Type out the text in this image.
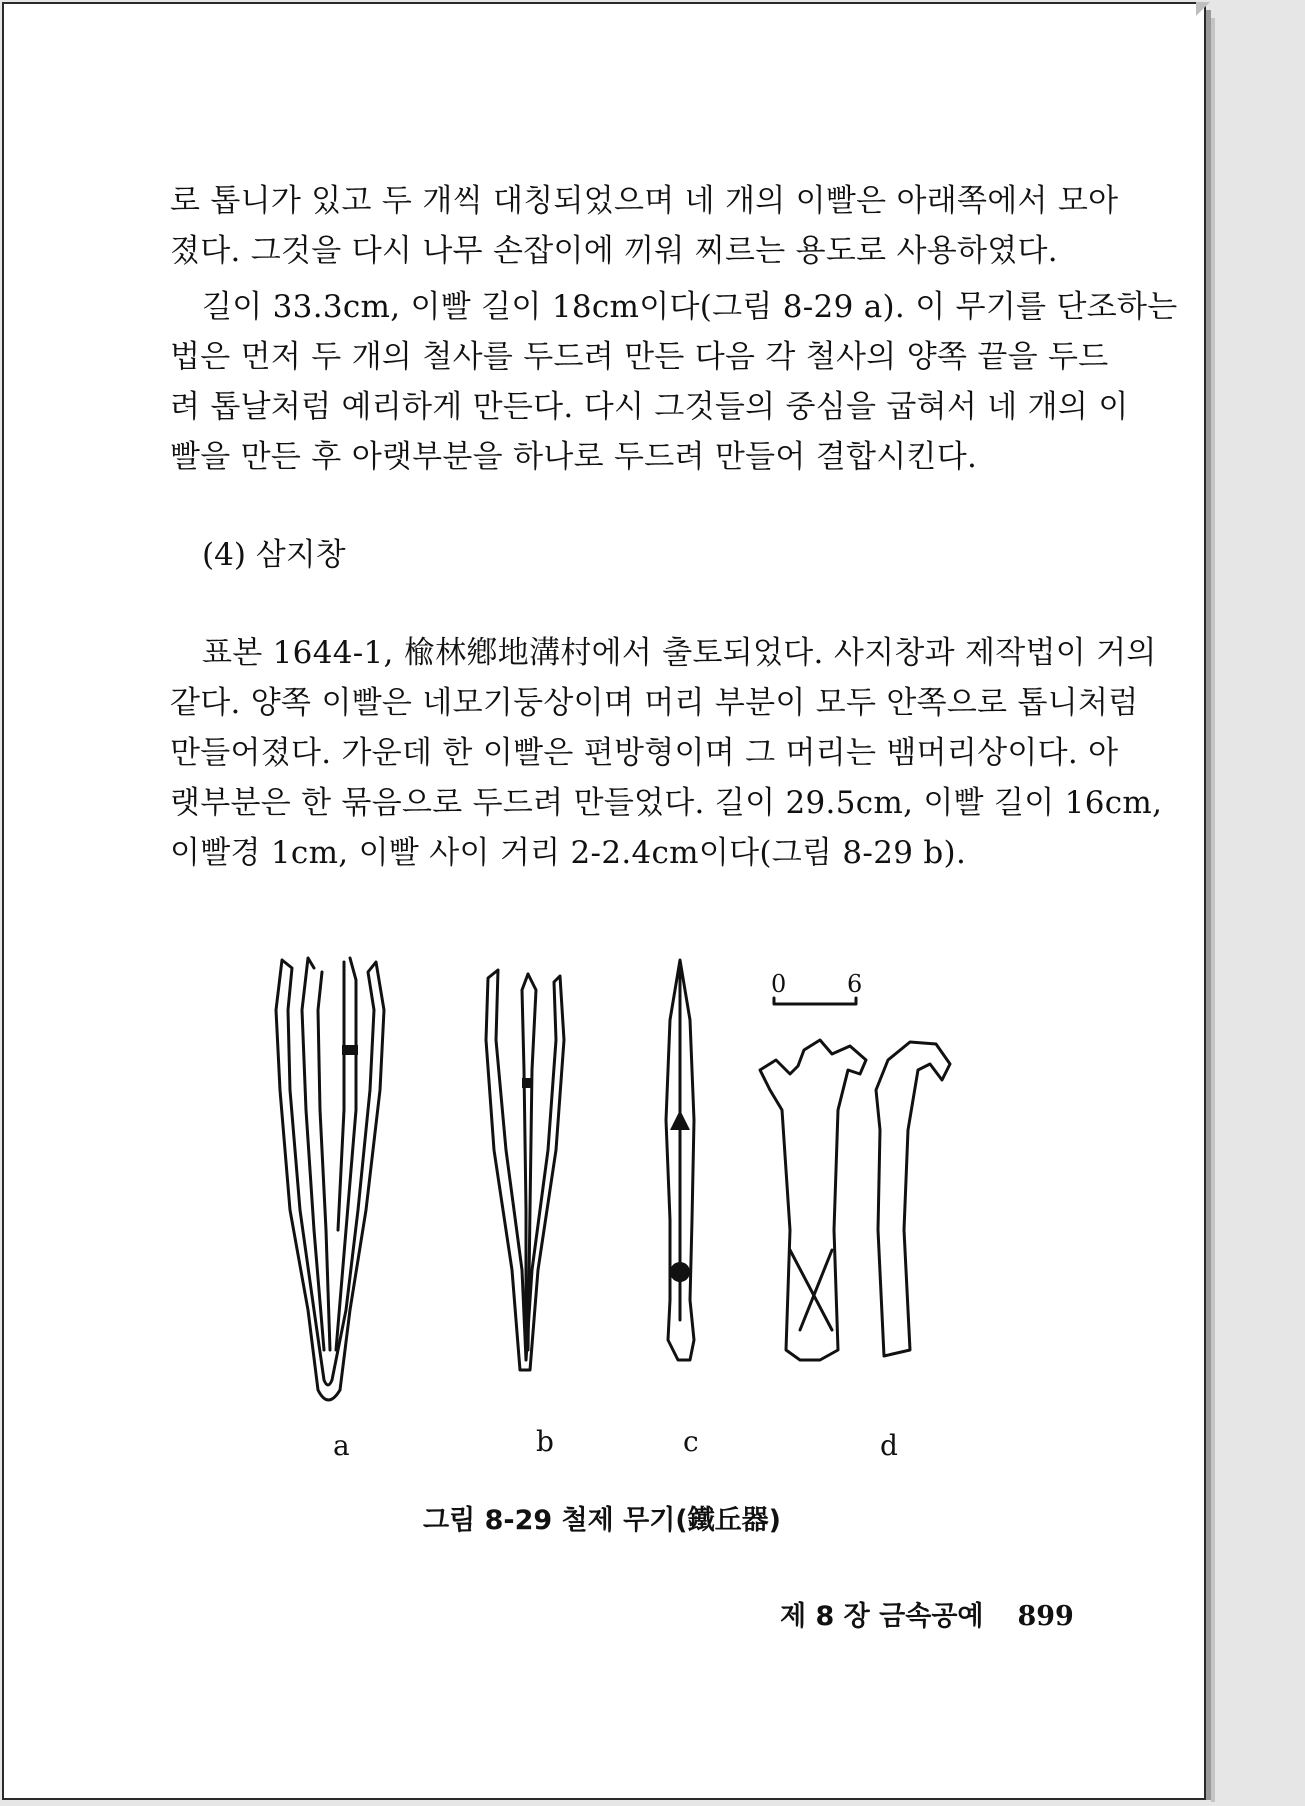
로 톱니가 있고 두 개씩 대칭되었으며 네 개의 이빨은 아래쪽에서 모아
졌다. 그것을 다시 나무 손잡이에 끼워 찌르는 용도로 사용하였다.
길이 33.3cm, 이빨 길이 18cm이다(그림 8-29 a). 이 무기를 단조하는
법은 먼저 두 개의 철사를 두드려 만든 다음 각 철사의 양쪽 끝을 두드
려 톱날처럼 예리하게 만든다. 다시 그것들의 중심을 굽혀서 네 개의 이
빨을 만든 후 아랫부분을 하나로 두드려 만들어 결합시킨다.
(4) 삼지창
표본 1644-1, 楡林鄕地溝村에서 출토되었다. 사지창과 제작법이 거의
같다. 양쪽 이빨은 네모기둥상이며 머리 부분이 모두 안쪽으로 톱니처럼
만들어졌다. 가운데 한 이빨은 편방형이며 그 머리는 뱀머리상이다. 아
랫부분은 한 묶음으로 두드려 만들었다. 길이 29.5cm, 이빨 길이 16cm,
이빨경 1cm, 이빨 사이 거리 2-2.4cm이다(그림 8-29 b).
0	6
a	b	c	d
그림 8-29 철제 무기(鐵丘器)
제 8 장 금속공예 899
